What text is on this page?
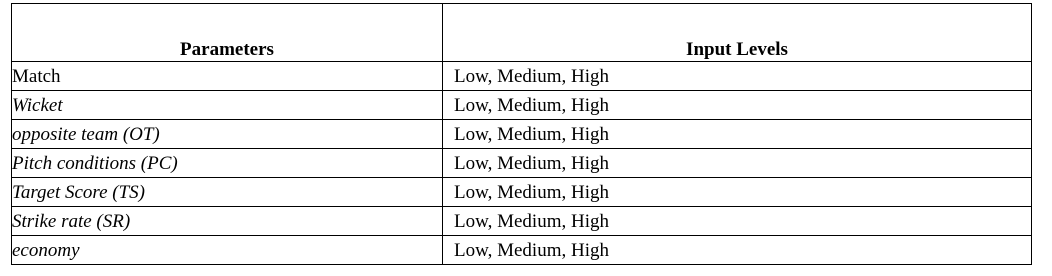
Parameters	Input Levels
Match	Low, Medium, High
Wicket	Low, Medium, High
opposite team (OT)	Low, Medium, High
Pitch conditions (PC)	Low, Medium, High
Target Score (TS)	Low, Medium, High
Strike rate (SR)	Low, Medium, High
economy	Low, Medium, High
